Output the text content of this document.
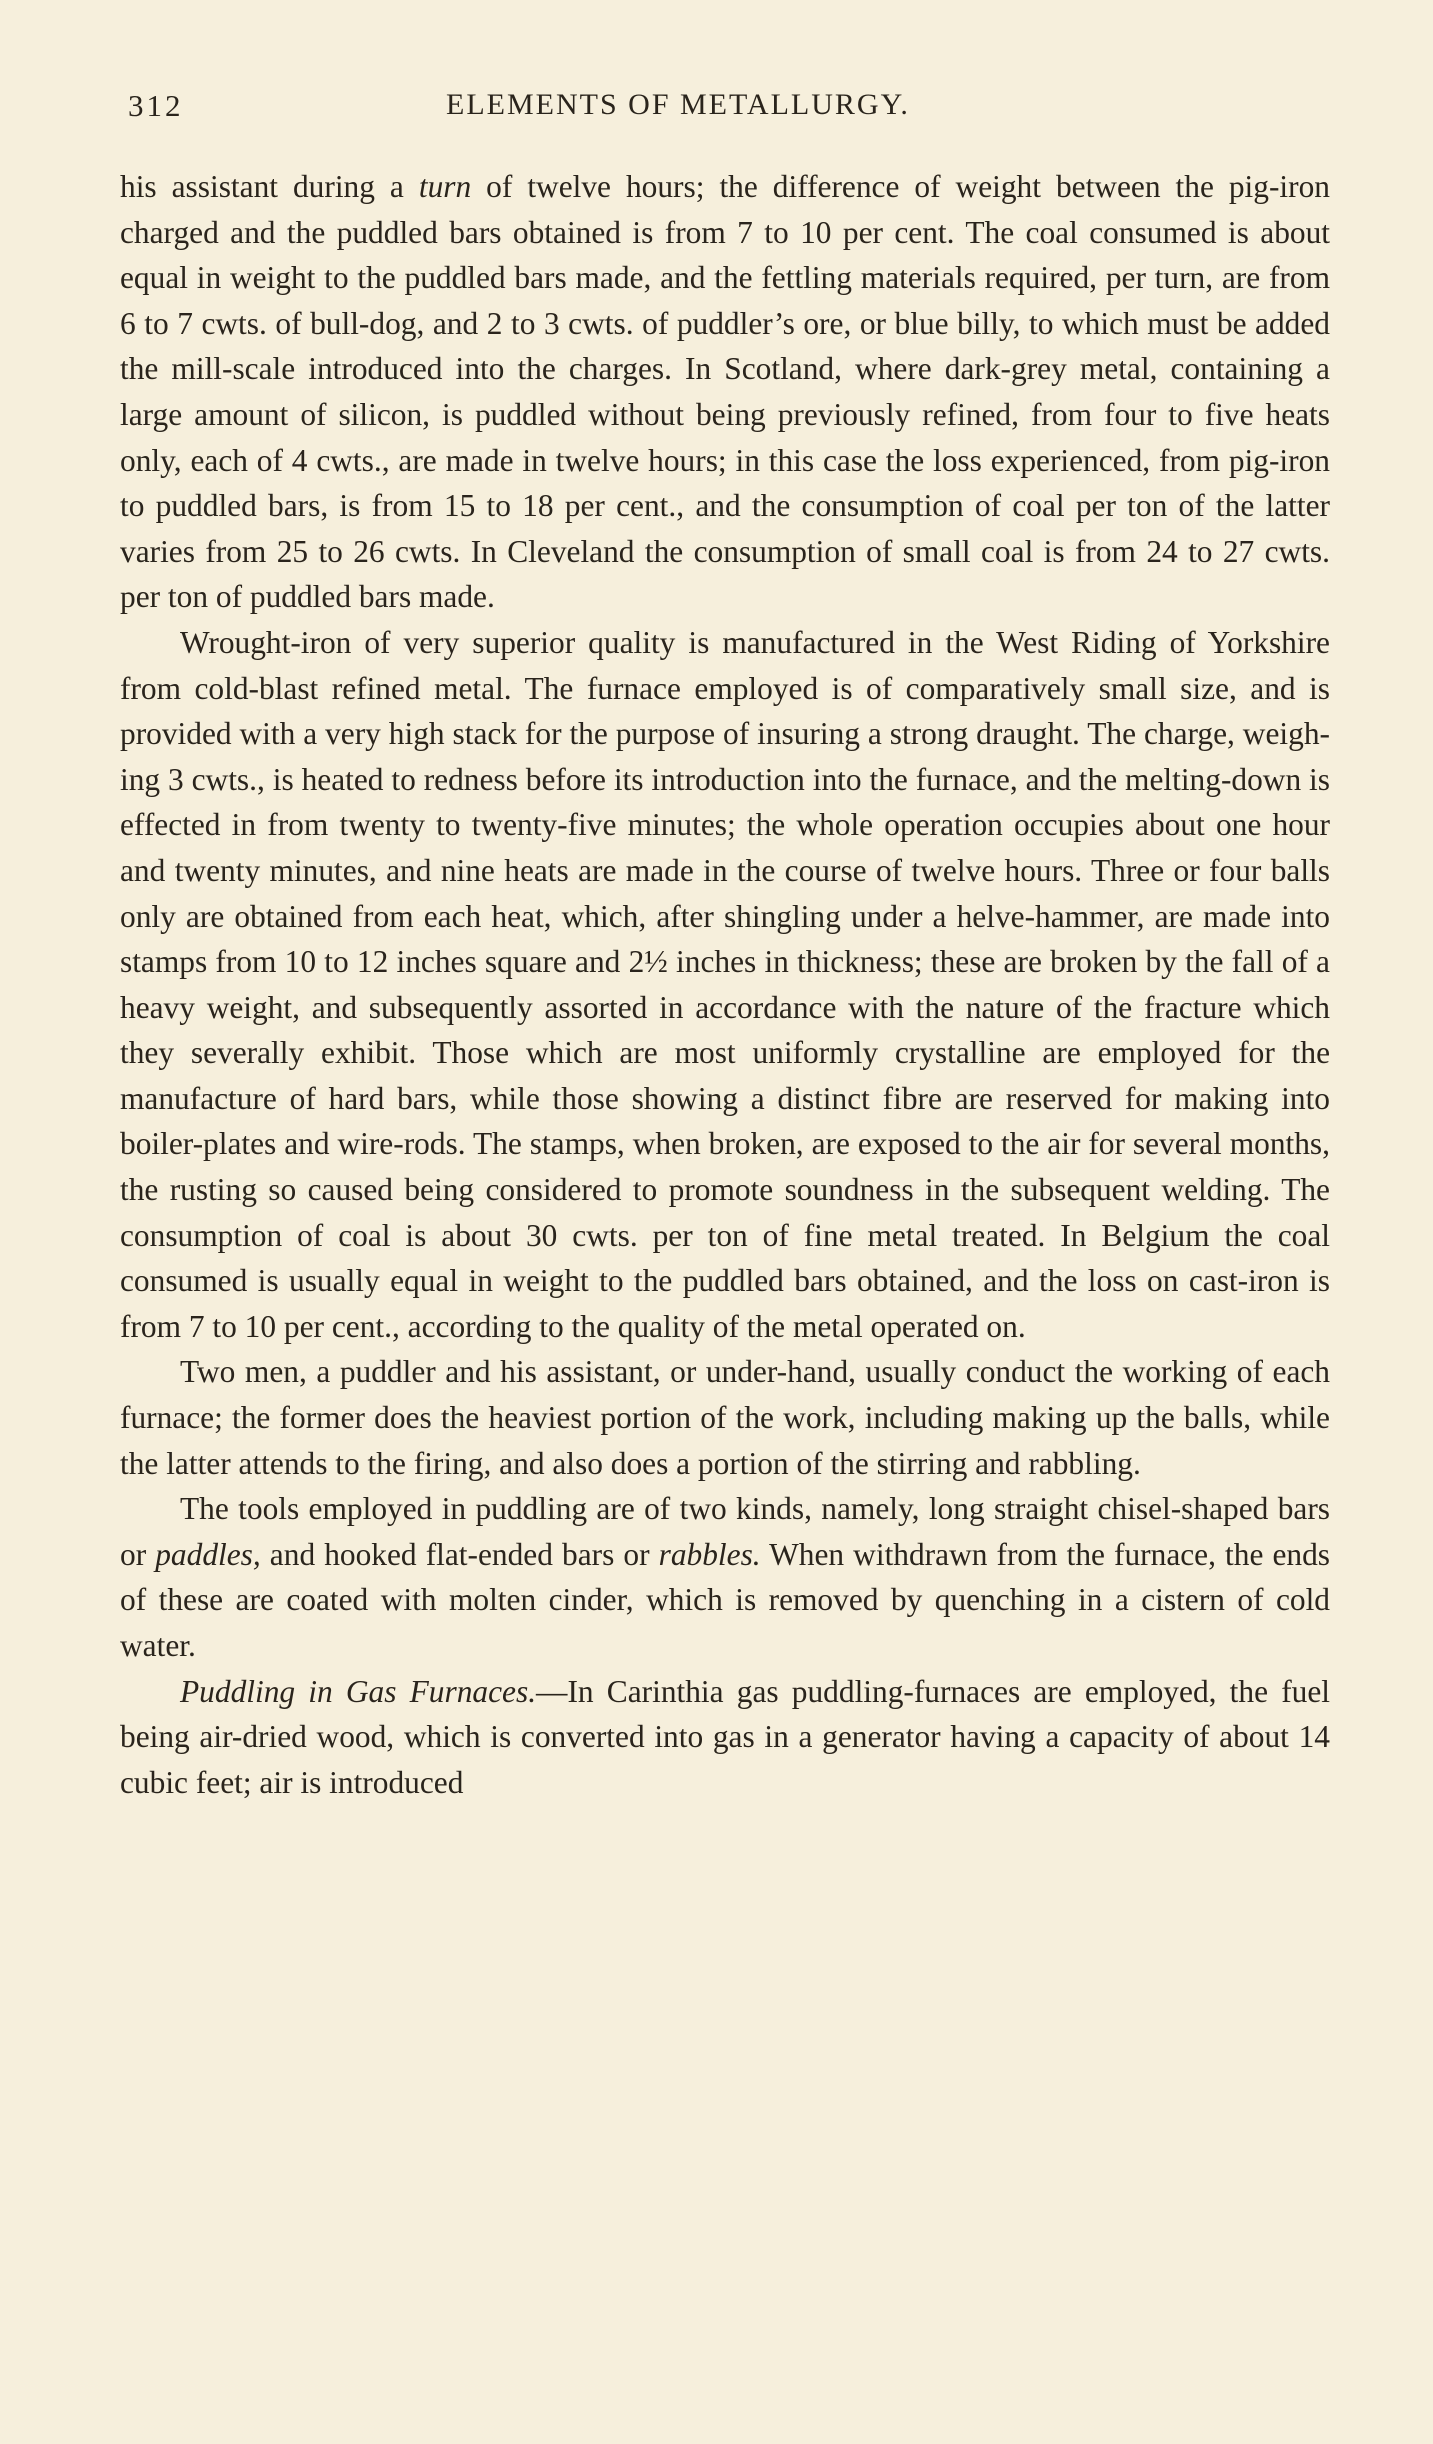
312	ELEMENTS OF METALLURGY.

his assistant during a turn of twelve hours; the difference of weight between the pig-iron charged and the puddled bars obtained is from 7 to 10 per cent. The coal consumed is about equal in weight to the puddled bars made, and the fettling materials required, per turn, are from 6 to 7 cwts. of bull-dog, and 2 to 3 cwts. of puddler’s ore, or blue billy, to which must be added the mill-scale introduced into the charges. In Scotland, where dark-grey metal, containing a large amount of silicon, is puddled without being previously refined, from four to five heats only, each of 4 cwts., are made in twelve hours; in this case the loss experienced, from pig-iron to puddled bars, is from 15 to 18 per cent., and the consumption of coal per ton of the latter varies from 25 to 26 cwts. In Cleveland the consumption of small coal is from 24 to 27 cwts. per ton of puddled bars made.

Wrought-iron of very superior quality is manufactured in the West Riding of Yorkshire from cold-blast refined metal. The furnace employed is of comparatively small size, and is provided with a very high stack for the purpose of insuring a strong draught. The charge, weighing 3 cwts., is heated to redness before its introduction into the furnace, and the melting-down is effected in from twenty to twenty-five minutes; the whole operation occupies about one hour and twenty minutes, and nine heats are made in the course of twelve hours. Three or four balls only are obtained from each heat, which, after shingling under a helve-hammer, are made into stamps from 10 to 12 inches square and 2½ inches in thickness; these are broken by the fall of a heavy weight, and subsequently assorted in accordance with the nature of the fracture which they severally exhibit. Those which are most uniformly crystalline are employed for the manufacture of hard bars, while those showing a distinct fibre are reserved for making into boiler-plates and wire-rods. The stamps, when broken, are exposed to the air for several months, the rusting so caused being considered to promote soundness in the subsequent welding. The consumption of coal is about 30 cwts. per ton of fine metal treated. In Belgium the coal consumed is usually equal in weight to the puddled bars obtained, and the loss on cast-iron is from 7 to 10 per cent., according to the quality of the metal operated on.

Two men, a puddler and his assistant, or under-hand, usually conduct the working of each furnace; the former does the heaviest portion of the work, including making up the balls, while the latter attends to the firing, and also does a portion of the stirring and rabbling.

The tools employed in puddling are of two kinds, namely, long straight chisel-shaped bars or paddles, and hooked flat-ended bars or rabbles. When withdrawn from the furnace, the ends of these are coated with molten cinder, which is removed by quenching in a cistern of cold water.

Puddling in Gas Furnaces.—In Carinthia gas puddling-furnaces are employed, the fuel being air-dried wood, which is converted into gas in a generator having a capacity of about 14 cubic feet; air is introduced
